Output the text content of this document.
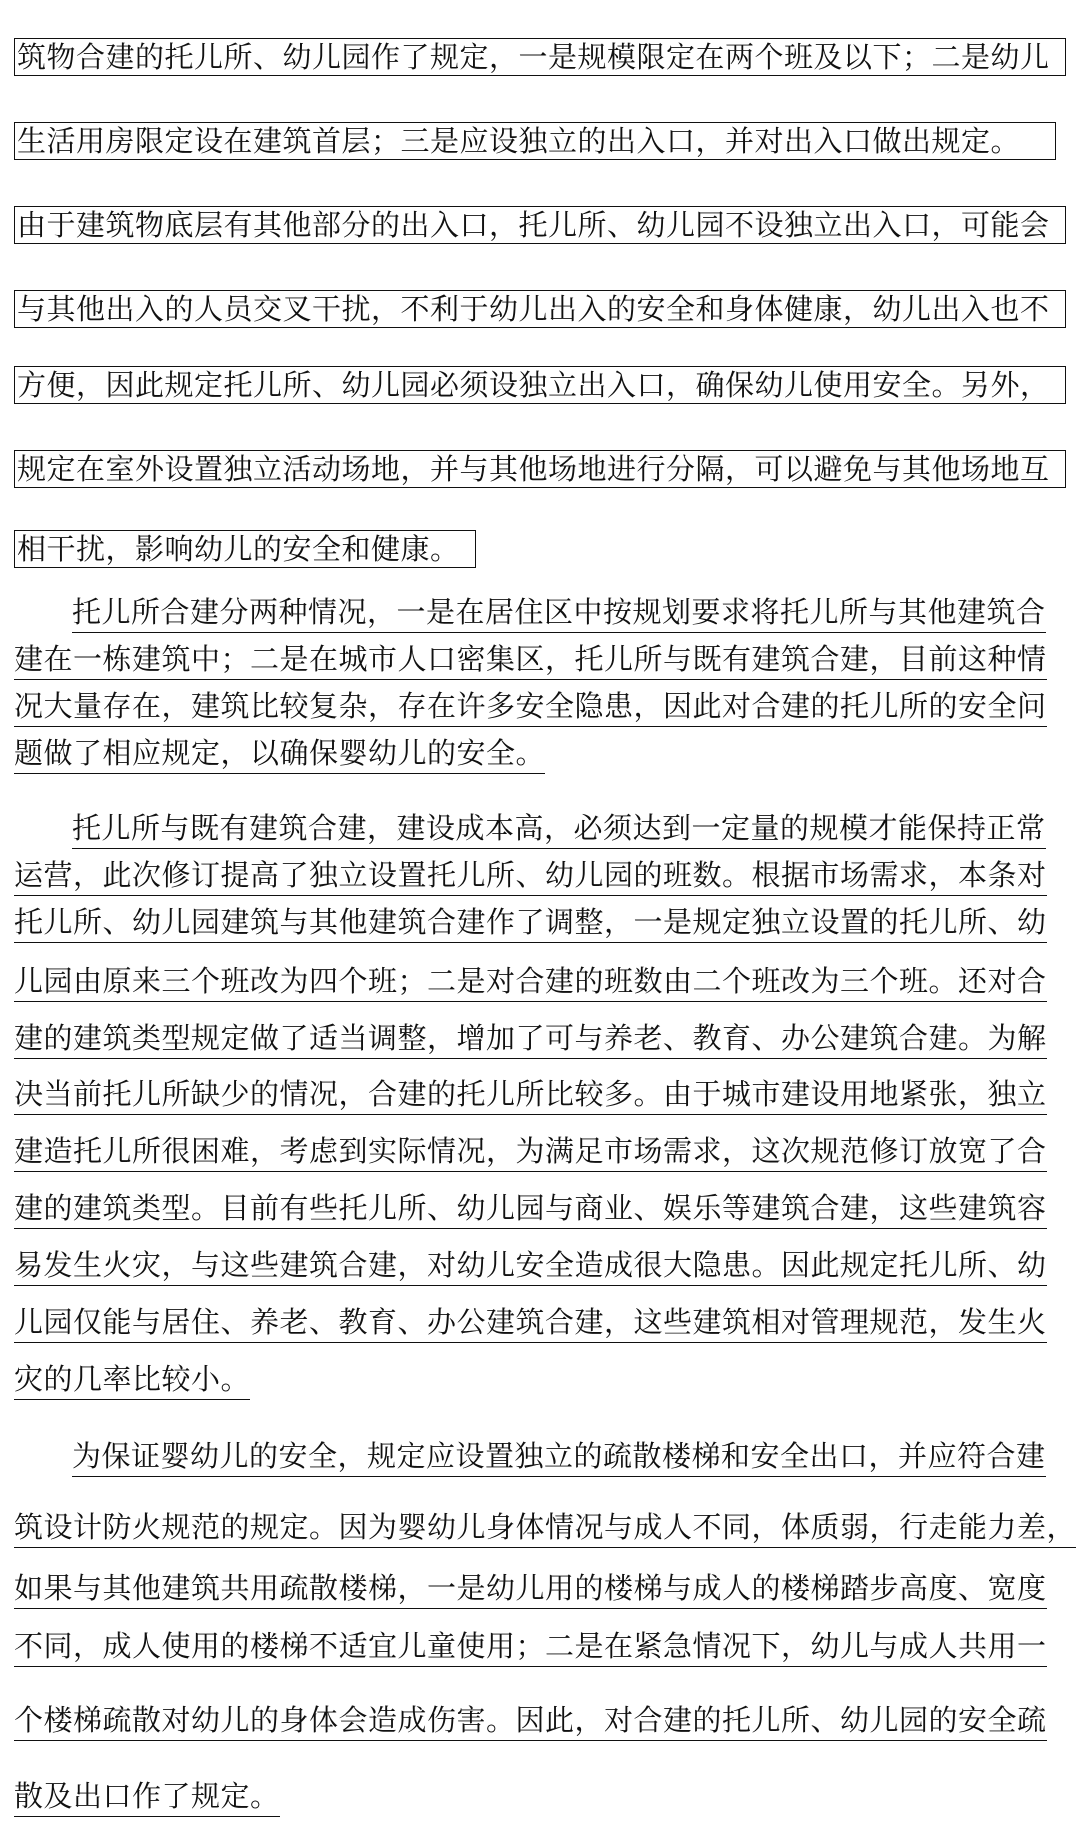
筑物合建的托儿所、幼儿园作了规定，一是规模限定在两个班及以下；二是幼儿
生活用房限定设在建筑首层；三是应设独立的出入口，并对出入口做出规定。
由于建筑物底层有其他部分的出入口，托儿所、幼儿园不设独立出入口，可能会
与其他出入的人员交叉干扰，不利于幼儿出入的安全和身体健康，幼儿出入也不
方便，因此规定托儿所、幼儿园必须设独立出入口，确保幼儿使用安全。另外，
规定在室外设置独立活动场地，并与其他场地进行分隔，可以避免与其他场地互
相干扰，影响幼儿的安全和健康。
托儿所合建分两种情况，一是在居住区中按规划要求将托儿所与其他建筑合
建在一栋建筑中；二是在城市人口密集区，托儿所与既有建筑合建，目前这种情
况大量存在，建筑比较复杂，存在许多安全隐患，因此对合建的托儿所的安全问
题做了相应规定，以确保婴幼儿的安全。
托儿所与既有建筑合建，建设成本高，必须达到一定量的规模才能保持正常
运营，此次修订提高了独立设置托儿所、幼儿园的班数。根据市场需求，本条对
托儿所、幼儿园建筑与其他建筑合建作了调整，一是规定独立设置的托儿所、幼
儿园由原来三个班改为四个班；二是对合建的班数由二个班改为三个班。还对合
建的建筑类型规定做了适当调整，增加了可与养老、教育、办公建筑合建。为解
决当前托儿所缺少的情况，合建的托儿所比较多。由于城市建设用地紧张，独立
建造托儿所很困难，考虑到实际情况，为满足市场需求，这次规范修订放宽了合
建的建筑类型。目前有些托儿所、幼儿园与商业、娱乐等建筑合建，这些建筑容
易发生火灾，与这些建筑合建，对幼儿安全造成很大隐患。因此规定托儿所、幼
儿园仅能与居住、养老、教育、办公建筑合建，这些建筑相对管理规范，发生火
灾的几率比较小。
为保证婴幼儿的安全，规定应设置独立的疏散楼梯和安全出口，并应符合建
筑设计防火规范的规定。因为婴幼儿身体情况与成人不同，体质弱，行走能力差，
如果与其他建筑共用疏散楼梯，一是幼儿用的楼梯与成人的楼梯踏步高度、宽度
不同，成人使用的楼梯不适宜儿童使用；二是在紧急情况下，幼儿与成人共用一
个楼梯疏散对幼儿的身体会造成伤害。因此，对合建的托儿所、幼儿园的安全疏
散及出口作了规定。
